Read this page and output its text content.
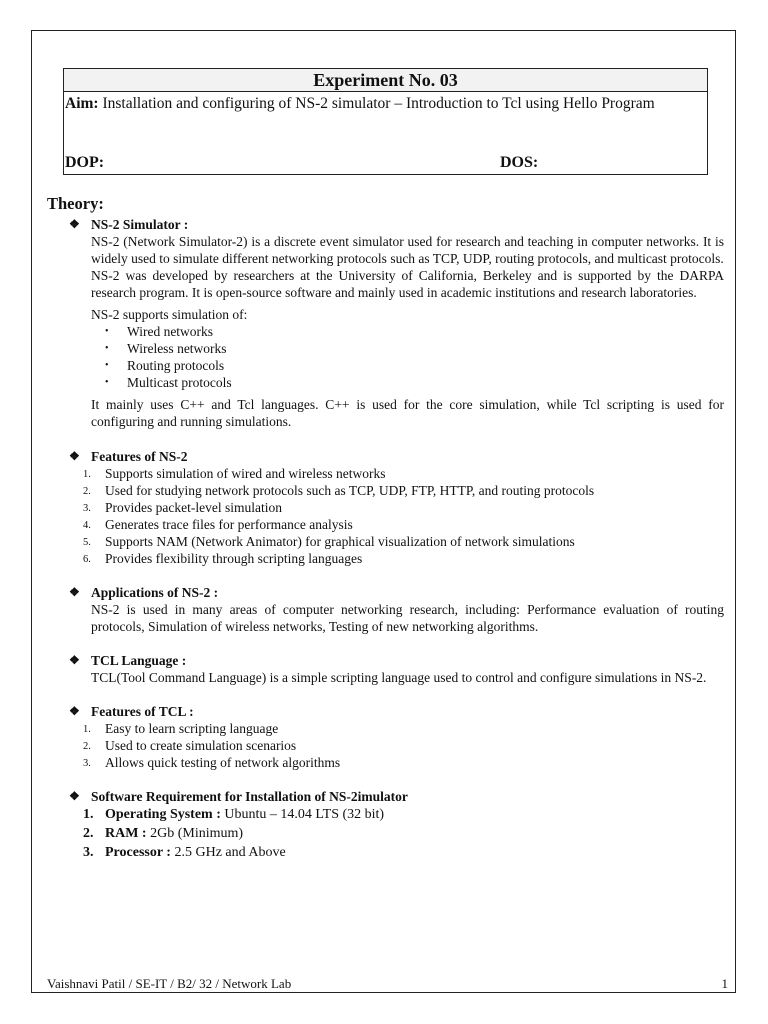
Experiment No. 03
Aim: Installation and configuring of NS-2 simulator – Introduction to Tcl using Hello Program
DOP:	DOS:
Theory:
❖ NS-2 Simulator :
NS-2 (Network Simulator-2) is a discrete event simulator used for research and teaching in computer networks. It is widely used to simulate different networking protocols such as TCP, UDP, routing protocols, and multicast protocols.
NS-2 was developed by researchers at the University of California, Berkeley and is supported by the DARPA research program. It is open-source software and mainly used in academic institutions and research laboratories.
NS-2 supports simulation of:
• Wired networks
• Wireless networks
• Routing protocols
• Multicast protocols
It mainly uses C++ and Tcl languages. C++ is used for the core simulation, while Tcl scripting is used for configuring and running simulations.
❖ Features of NS-2
1. Supports simulation of wired and wireless networks
2. Used for studying network protocols such as TCP, UDP, FTP, HTTP, and routing protocols
3. Provides packet-level simulation
4. Generates trace files for performance analysis
5. Supports NAM (Network Animator) for graphical visualization of network simulations
6. Provides flexibility through scripting languages
❖ Applications of NS-2 :
NS-2 is used in many areas of computer networking research, including: Performance evaluation of routing protocols, Simulation of wireless networks, Testing of new networking algorithms.
❖ TCL Language :
TCL(Tool Command Language) is a simple scripting language used to control and configure simulations in NS-2.
❖ Features of TCL :
1. Easy to learn scripting language
2. Used to create simulation scenarios
3. Allows quick testing of network algorithms
❖ Software Requirement for Installation of NS-2imulator
1. Operating System : Ubuntu – 14.04 LTS (32 bit)
2. RAM : 2Gb (Minimum)
3. Processor : 2.5 GHz and Above
Vaishnavi Patil / SE-IT / B2/ 32 / Network Lab	1
